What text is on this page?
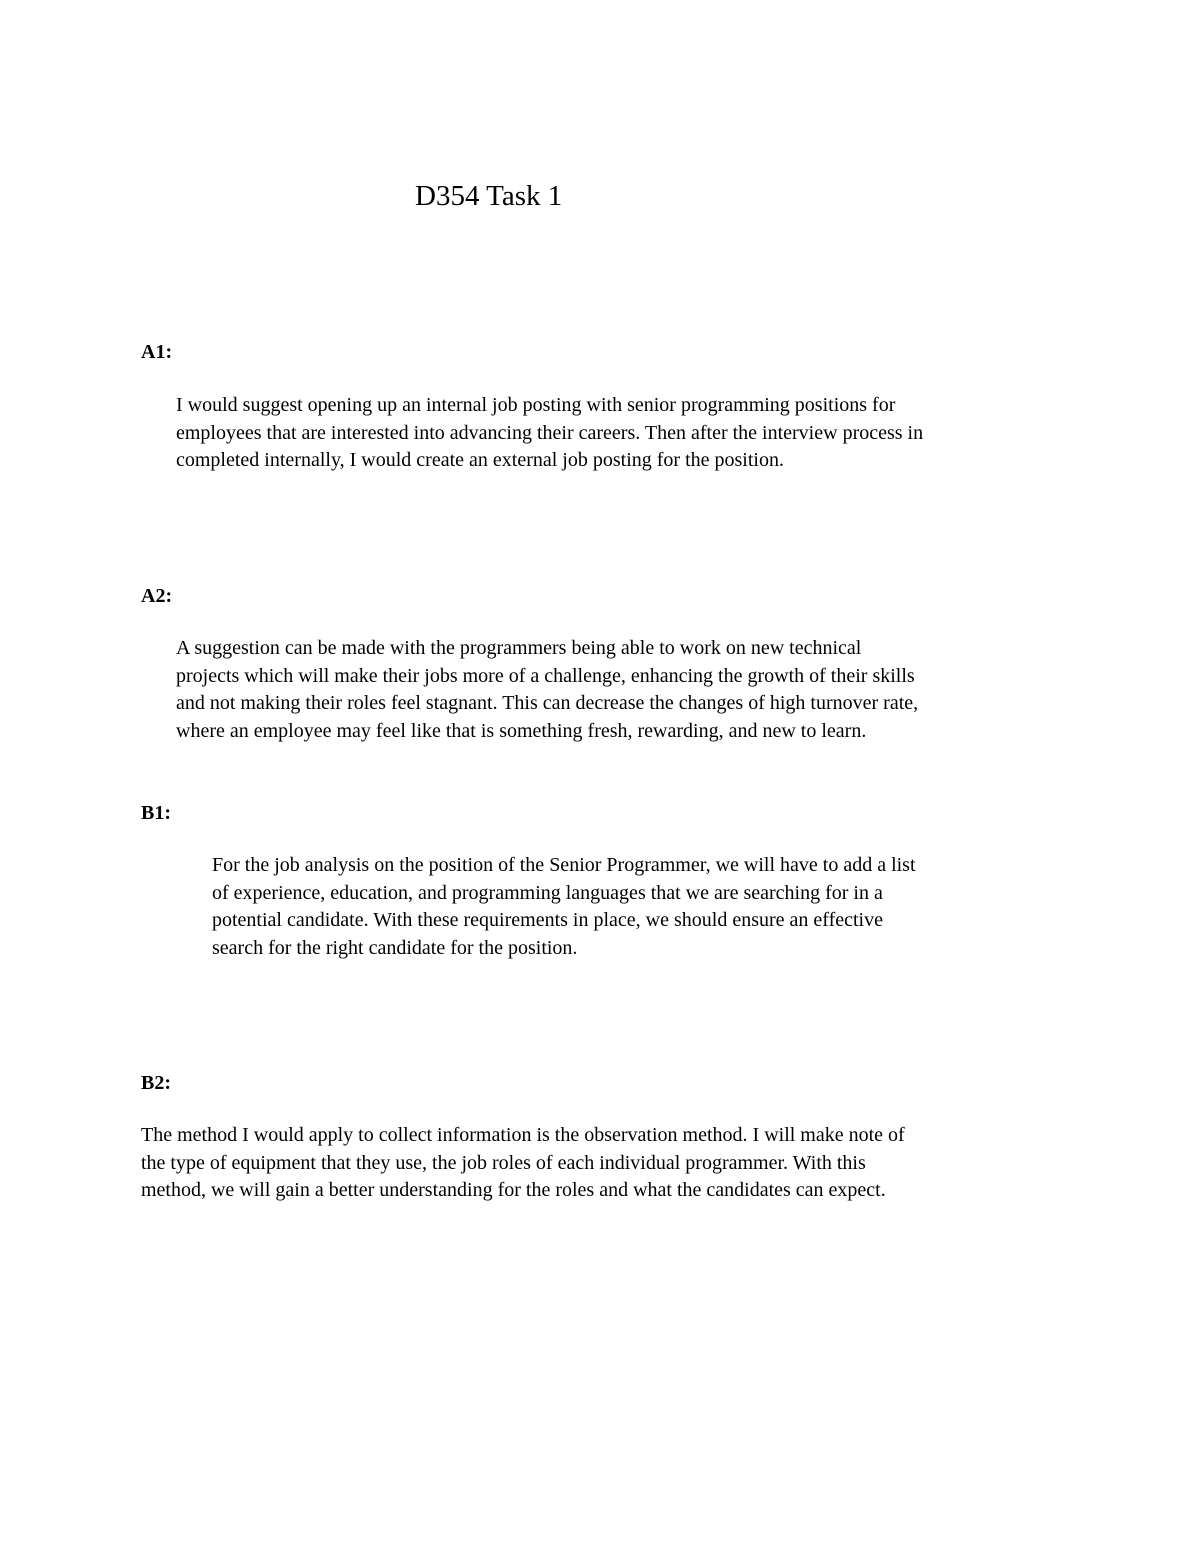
D354 Task 1
A1:
I would suggest opening up an internal job posting with senior programming positions for
employees that are interested into advancing their careers. Then after the interview process in
completed internally, I would create an external job posting for the position.
A2:
A suggestion can be made with the programmers being able to work on new technical
projects which will make their jobs more of a challenge, enhancing the growth of their skills
and not making their roles feel stagnant. This can decrease the changes of high turnover rate,
where an employee may feel like that is something fresh, rewarding, and new to learn.
B1:
For the job analysis on the position of the Senior Programmer, we will have to add a list
of experience, education, and programming languages that we are searching for in a
potential candidate. With these requirements in place, we should ensure an effective
search for the right candidate for the position.
B2:
The method I would apply to collect information is the observation method. I will make note of
the type of equipment that they use, the job roles of each individual programmer. With this
method, we will gain a better understanding for the roles and what the candidates can expect.
